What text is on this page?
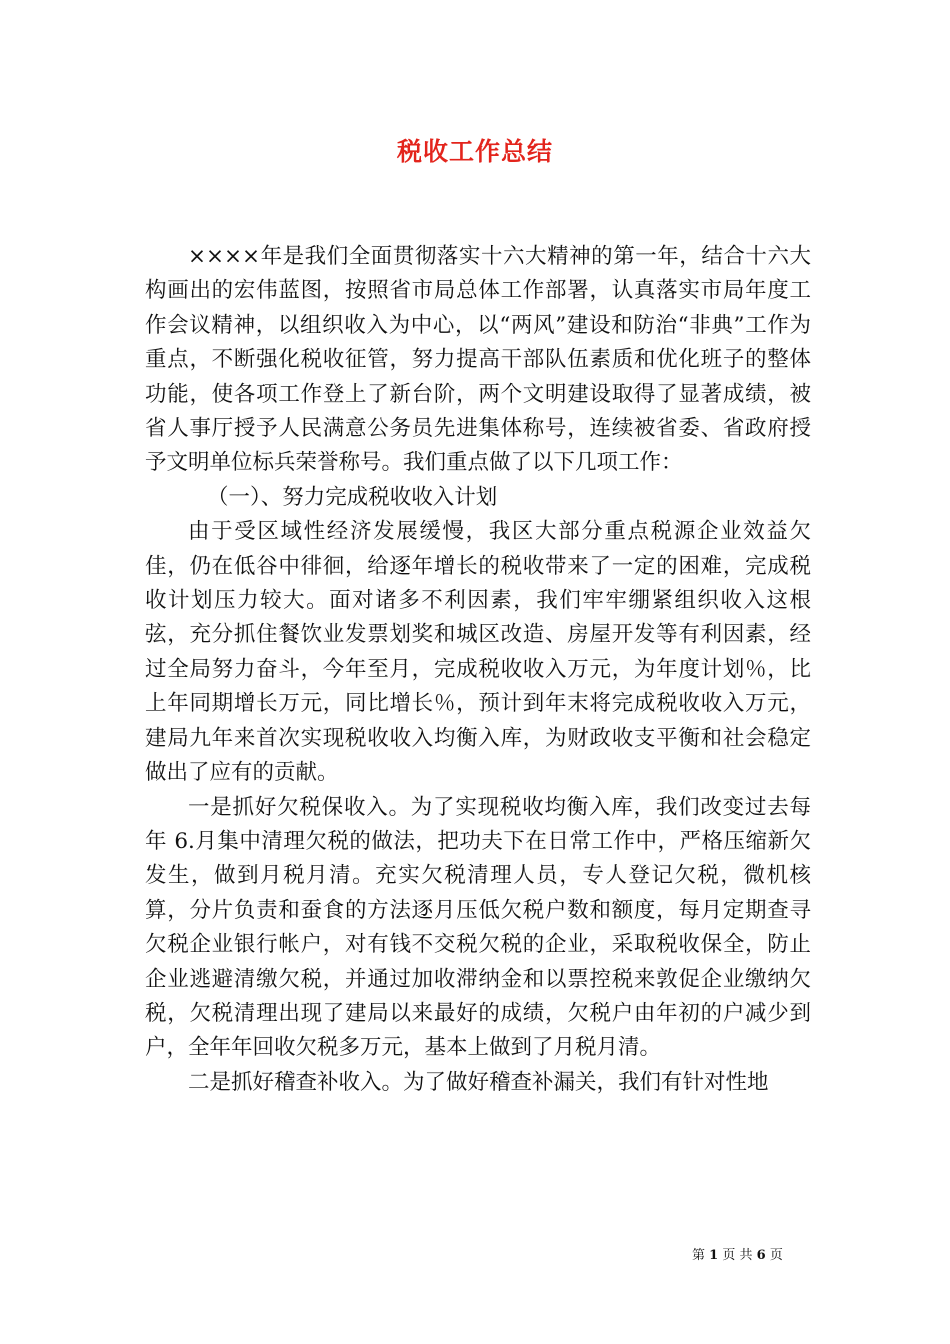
税收工作总结

××××年是我们全面贯彻落实十六大精神的第一年，结合十六大构画出的宏伟蓝图，按照省市局总体工作部署，认真落实市局年度工作会议精神，以组织收入为中心，以“两风”建设和防治“非典”工作为重点，不断强化税收征管，努力提高干部队伍素质和优化班子的整体功能，使各项工作登上了新台阶，两个文明建设取得了显著成绩，被省人事厅授予人民满意公务员先进集体称号，连续被省委、省政府授予文明单位标兵荣誉称号。我们重点做了以下几项工作：

（一）、努力完成税收收入计划

由于受区域性经济发展缓慢，我区大部分重点税源企业效益欠佳，仍在低谷中徘徊，给逐年增长的税收带来了一定的困难，完成税收计划压力较大。面对诸多不利因素，我们牢牢绷紧组织收入这根弦，充分抓住餐饮业发票划奖和城区改造、房屋开发等有利因素，经过全局努力奋斗，今年至月，完成税收收入万元，为年度计划％，比上年同期增长万元，同比增长％，预计到年末将完成税收收入万元，建局九年来首次实现税收收入均衡入库，为财政收支平衡和社会稳定做出了应有的贡献。

一是抓好欠税保收入。为了实现税收均衡入库，我们改变过去每年 6.月集中清理欠税的做法，把功夫下在日常工作中，严格压缩新欠发生，做到月税月清。充实欠税清理人员，专人登记欠税，微机核算，分片负责和蚕食的方法逐月压低欠税户数和额度，每月定期查寻欠税企业银行帐户，对有钱不交税欠税的企业，采取税收保全，防止企业逃避清缴欠税，并通过加收滞纳金和以票控税来敦促企业缴纳欠税，欠税清理出现了建局以来最好的成绩，欠税户由年初的户减少到户，全年年回收欠税多万元，基本上做到了月税月清。

二是抓好稽查补收入。为了做好稽查补漏关，我们有针对性地

第 1 页 共 6 页
